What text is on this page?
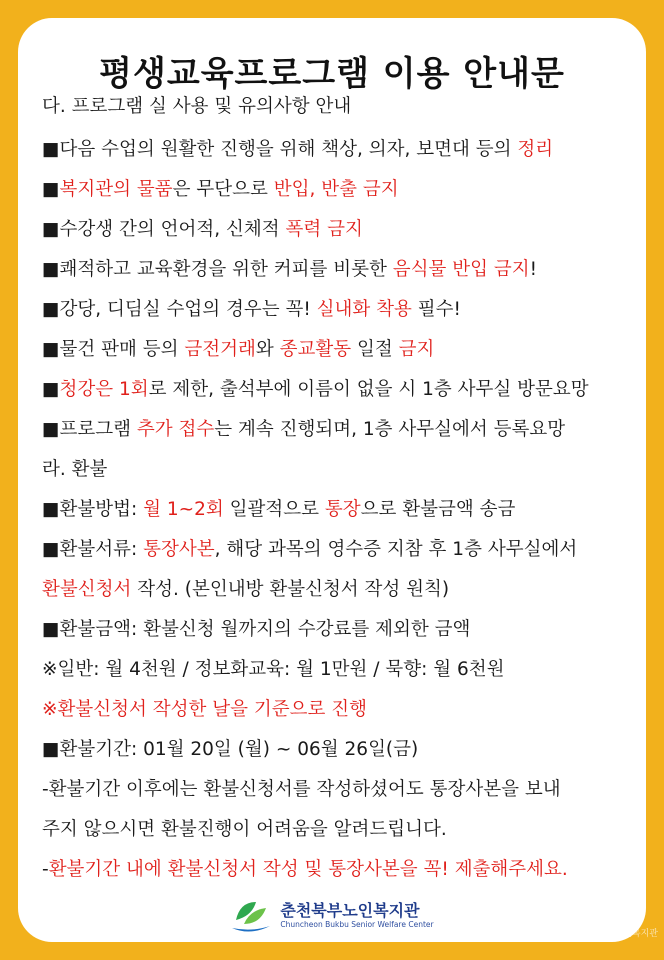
평생교육프로그램 이용 안내문
다. 프로그램 실 사용 및 유의사항 안내
■다음 수업의 원활한 진행을 위해 책상, 의자, 보면대 등의 정리
■복지관의 물품은 무단으로 반입, 반출 금지
■수강생 간의 언어적, 신체적 폭력 금지
■쾌적하고 교육환경을 위한 커피를 비롯한 음식물 반입 금지!
■강당, 디딤실 수업의 경우는 꼭! 실내화 착용 필수!
■물건 판매 등의 금전거래와 종교활동 일절 금지
■청강은 1회로 제한, 출석부에 이름이 없을 시 1층 사무실 방문요망
■프로그램 추가 접수는 계속 진행되며, 1층 사무실에서 등록요망
라. 환불
■환불방법: 월 1~2회 일괄적으로 통장으로 환불금액 송금
■환불서류: 통장사본, 해당 과목의 영수증 지참 후 1층 사무실에서
환불신청서 작성. (본인내방 환불신청서 작성 원칙)
■환불금액: 환불신청 월까지의 수강료를 제외한 금액
※일반: 월 4천원 / 정보화교육: 월 1만원 / 묵향: 월 6천원
※환불신청서 작성한 날을 기준으로 진행
■환불기간: 01월 20일 (월) ~ 06월 26일(금)
-환불기간 이후에는 환불신청서를 작성하셨어도 통장사본을 보내
주지 않으시면 환불진행이 어려움을 알려드립니다.
-환불기간 내에 환불신청서 작성 및 통장사본을 꼭! 제출해주세요.
춘천북부노인복지관
Chuncheon Bukbu Senior Welfare Center
춘천북부노인복지관
